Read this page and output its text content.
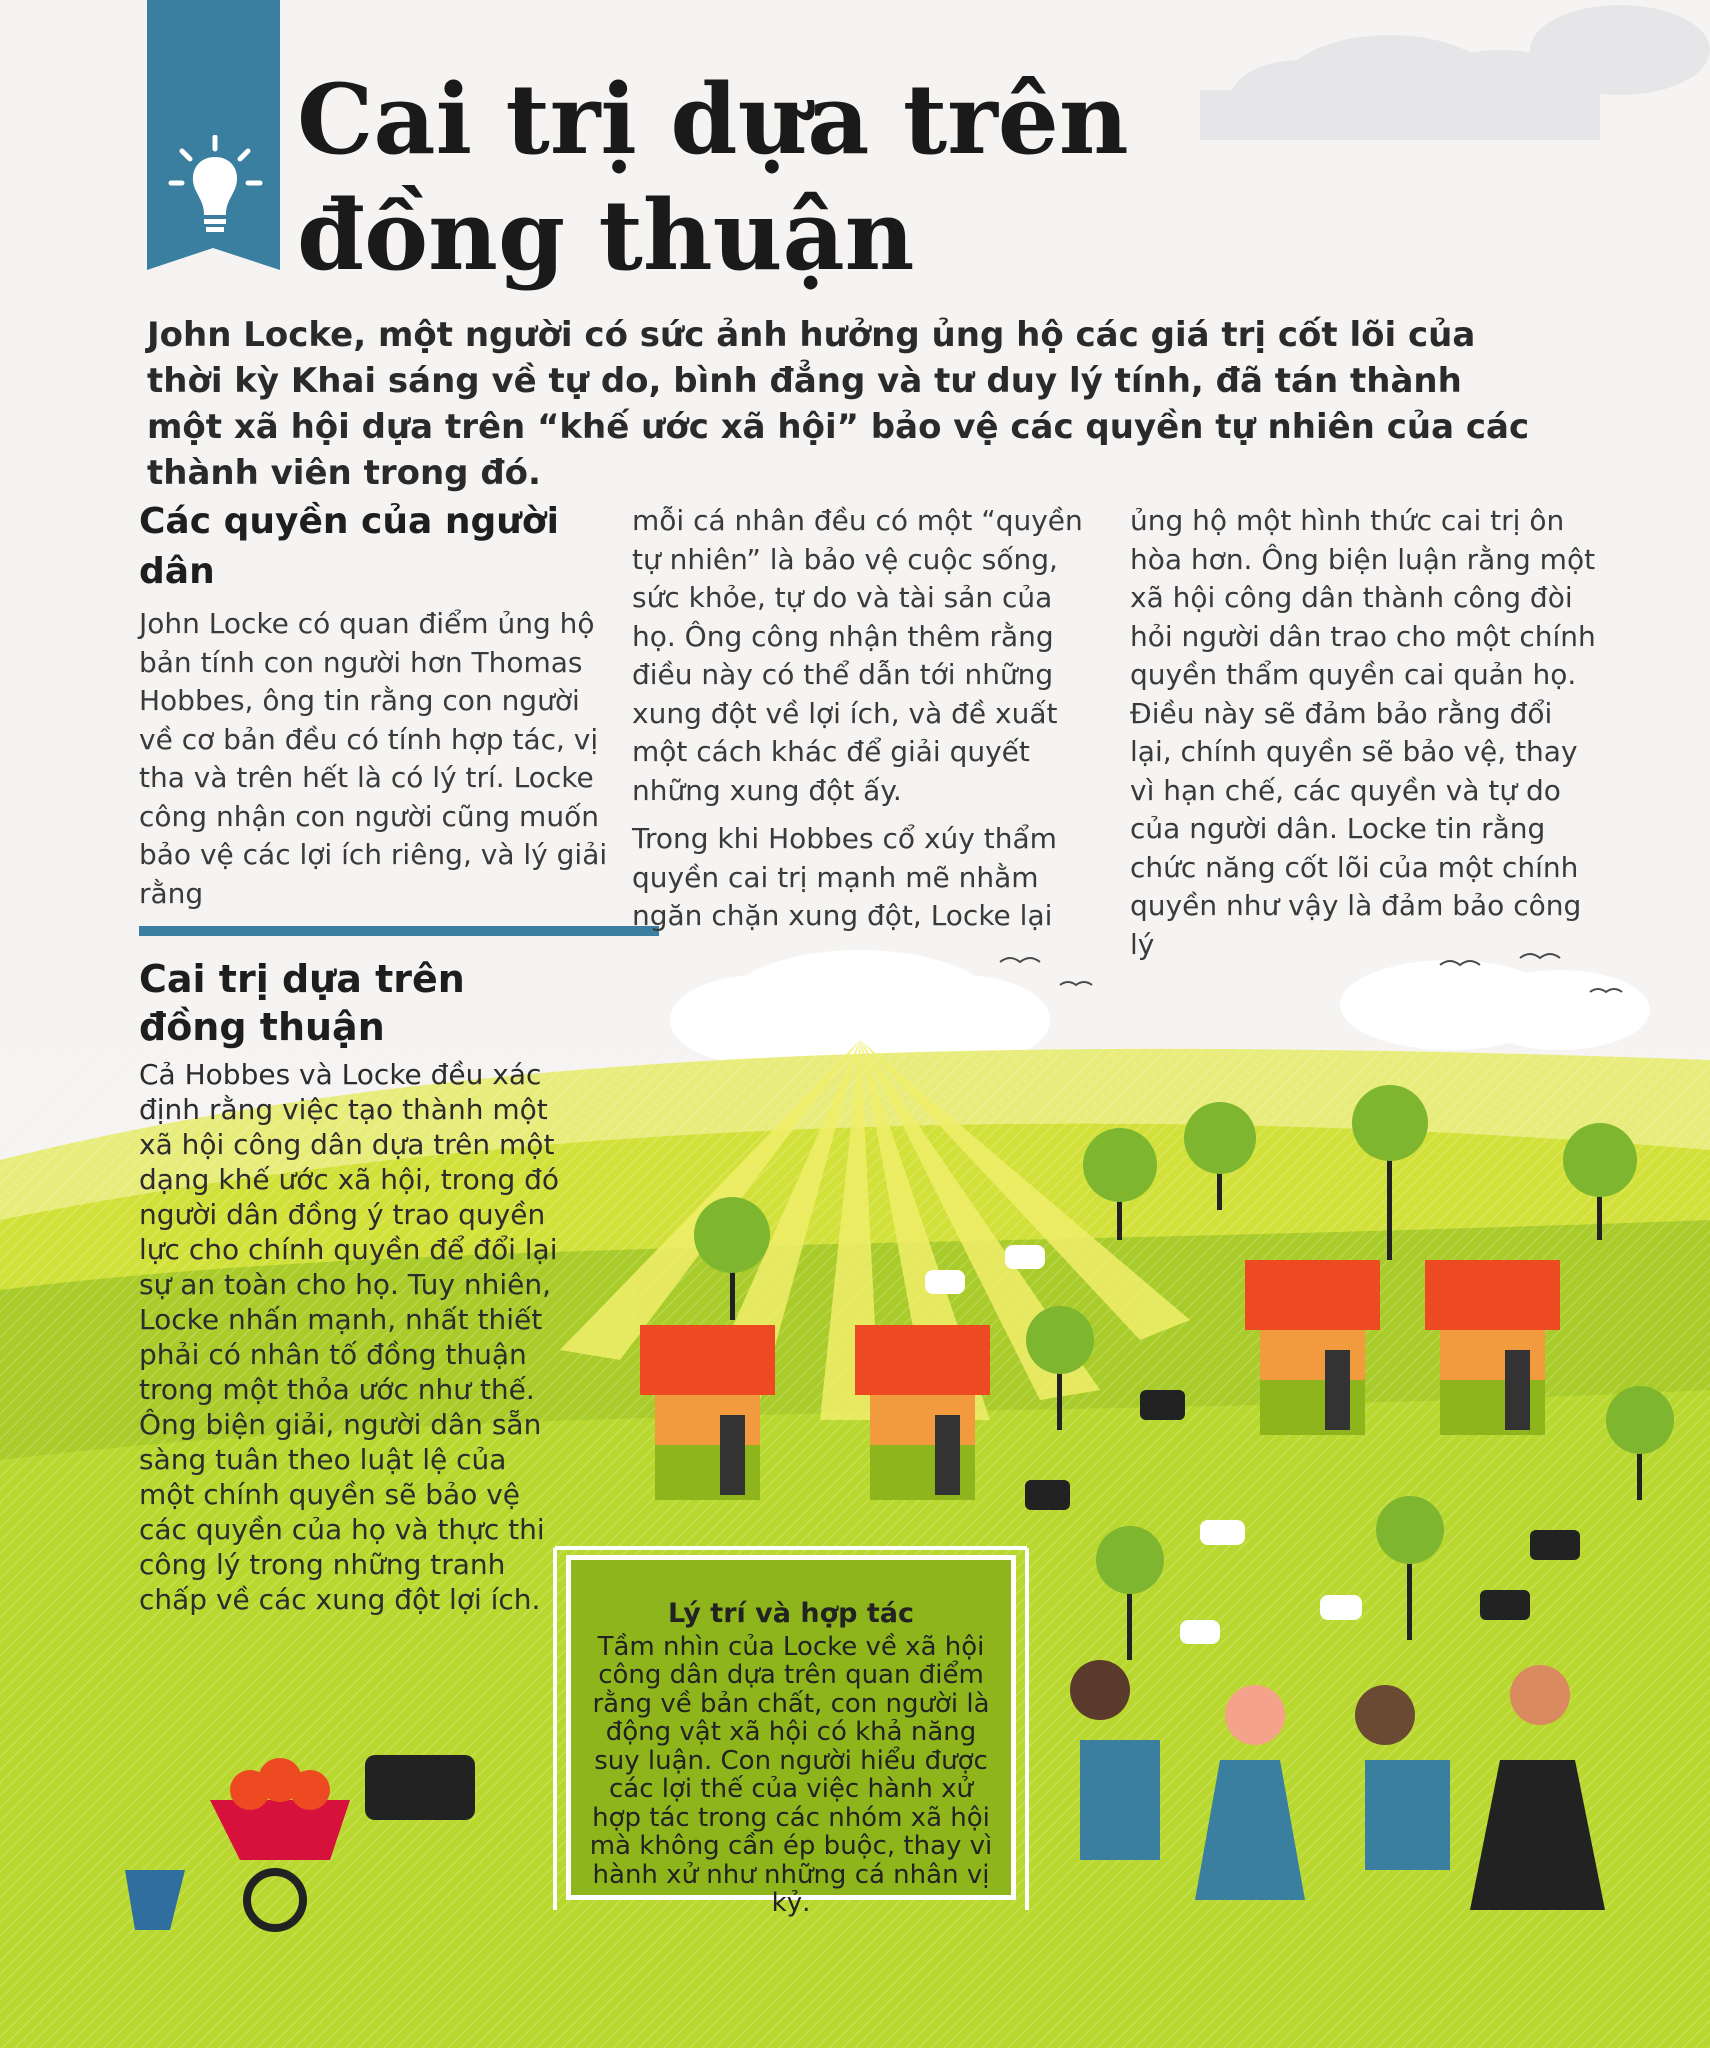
Cai trị dựa trên đồng thuận
John Locke, một người có sức ảnh hưởng ủng hộ các giá trị cốt lõi của thời kỳ Khai sáng về tự do, bình đẳng và tư duy lý tính, đã tán thành một xã hội dựa trên “khế ước xã hội” bảo vệ các quyền tự nhiên của các thành viên trong đó.
Các quyền của người dân

John Locke có quan điểm ủng hộ bản tính con người hơn Thomas Hobbes, ông tin rằng con người về cơ bản đều có tính hợp tác, vị tha và trên hết là có lý trí. Locke công nhận con người cũng muốn bảo vệ các lợi ích riêng, và lý giải rằng

mỗi cá nhân đều có một “quyền tự nhiên” là bảo vệ cuộc sống, sức khỏe, tự do và tài sản của họ. Ông công nhận thêm rằng điều này có thể dẫn tới những xung đột về lợi ích, và đề xuất một cách khác để giải quyết những xung đột ấy.

Trong khi Hobbes cổ xúy thẩm quyền cai trị mạnh mẽ nhằm ngăn chặn xung đột, Locke lại

ủng hộ một hình thức cai trị ôn hòa hơn. Ông biện luận rằng một xã hội công dân thành công đòi hỏi người dân trao cho một chính quyền thẩm quyền cai quản họ. Điều này sẽ đảm bảo rằng đổi lại, chính quyền sẽ bảo vệ, thay vì hạn chế, các quyền và tự do của người dân. Locke tin rằng chức năng cốt lõi của một chính quyền như vậy là đảm bảo công lý

Cai trị dựa trên đồng thuận

Cả Hobbes và Locke đều xác định rằng việc tạo thành một xã hội công dân dựa trên một dạng khế ước xã hội, trong đó người dân đồng ý trao quyền lực cho chính quyền để đổi lại sự an toàn cho họ. Tuy nhiên, Locke nhấn mạnh, nhất thiết phải có nhân tố đồng thuận trong một thỏa ước như thế. Ông biện giải, người dân sẵn sàng tuân theo luật lệ của một chính quyền sẽ bảo vệ các quyền của họ và thực thi công lý trong những tranh chấp về các xung đột lợi ích.	Lý trí và hợp tác

Tầm nhìn của Locke về xã hội công dân dựa trên quan điểm rằng về bản chất, con người là động vật xã hội có khả năng suy luận. Con người hiểu được các lợi thế của việc hành xử hợp tác trong các nhóm xã hội mà không cần ép buộc, thay vì hành xử như những cá nhân vị kỷ.
